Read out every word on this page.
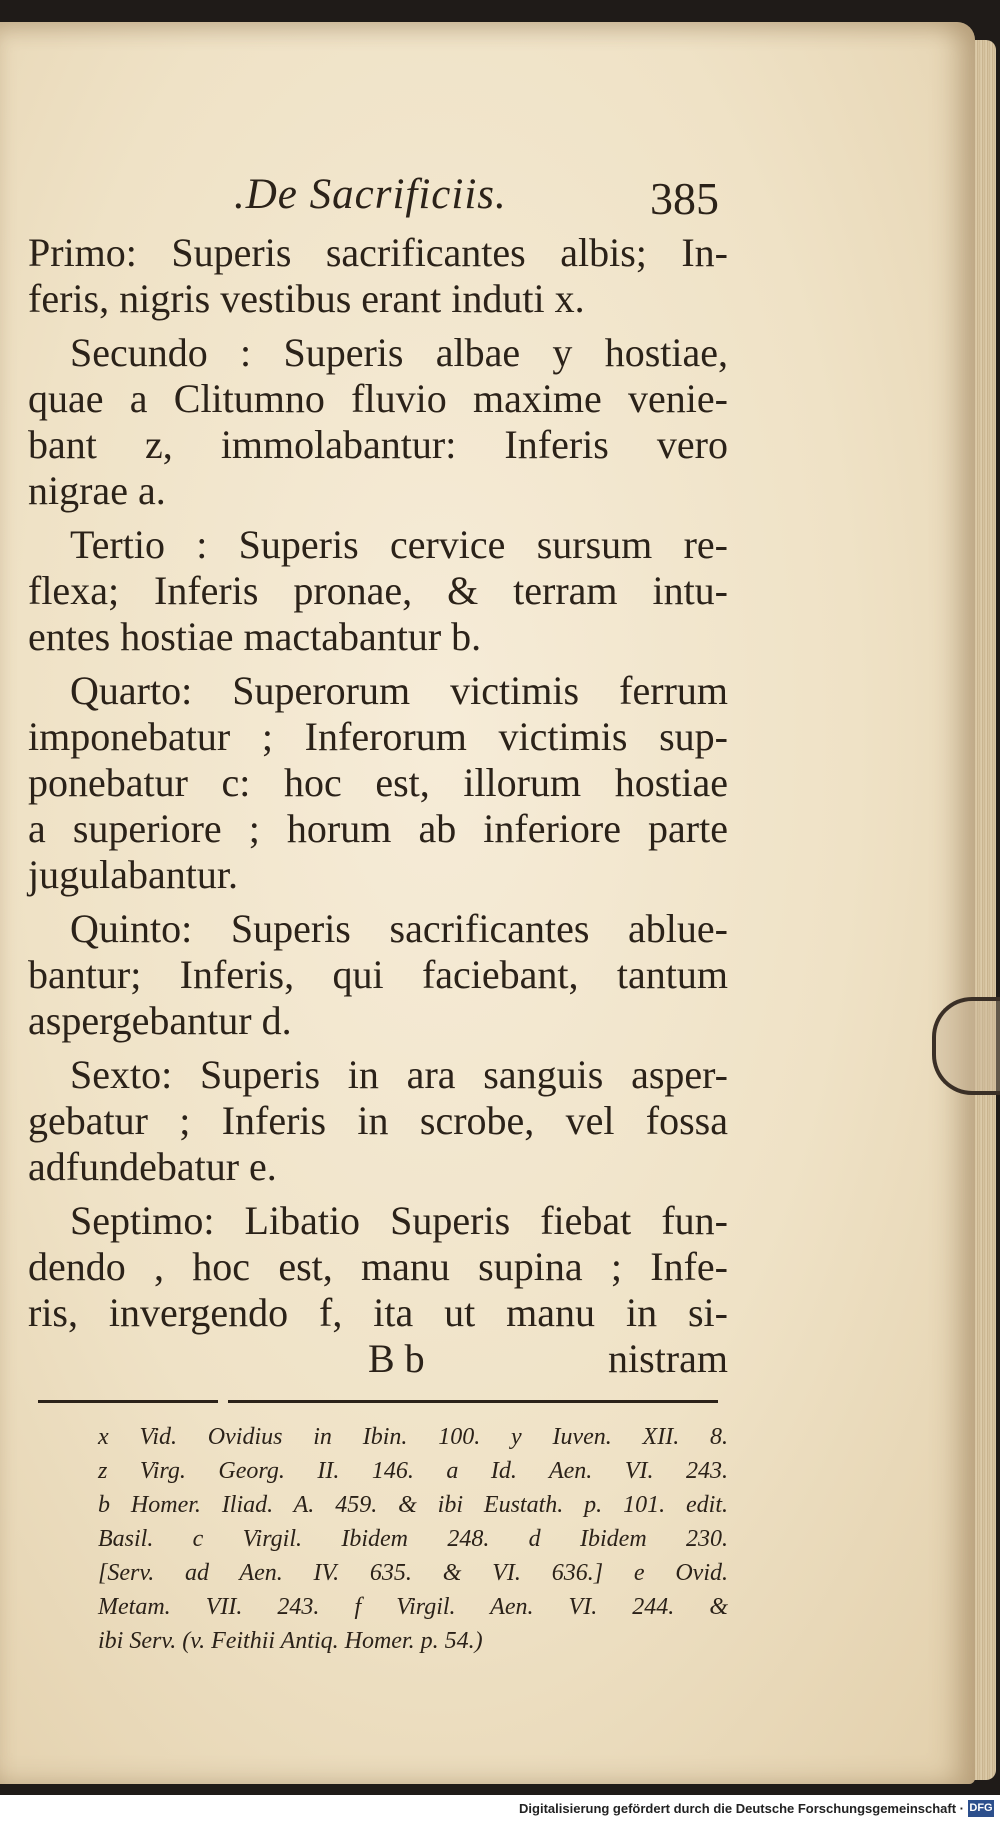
.De Sacrificiis.	385
Primo: Superis sacrificantes albis; In-
feris, nigris vestibus erant induti x.
Secundo : Superis albae y hostiae,
quae a Clitumno fluvio maxime venie-
bant z, immolabantur: Inferis vero
nigrae a.
Tertio : Superis cervice sursum re-
flexa; Inferis pronae, & terram intu-
entes hostiae mactabantur b.
Quarto: Superorum victimis ferrum
imponebatur ; Inferorum victimis sup-
ponebatur c: hoc est, illorum hostiae
a superiore ; horum ab inferiore parte
jugulabantur.
Quinto: Superis sacrificantes ablue-
bantur; Inferis, qui faciebant, tantum
aspergebantur d.
Sexto: Superis in ara sanguis asper-
gebatur ; Inferis in scrobe, vel fossa
adfundebatur e.
Septimo: Libatio Superis fiebat fun-
dendo , hoc est, manu supina ; Infe-
ris, invergendo f, ita ut manu in si-
B b	nistram
x Vid. Ovidius in Ibin. 100. y Iuven. XII. 8.
z Virg. Georg. II. 146. a Id. Aen. VI. 243.
b Homer. Iliad. A. 459. & ibi Eustath. p. 101. edit.
Basil. c Virgil. Ibidem 248. d Ibidem 230.
[Serv. ad Aen. IV. 635. & VI. 636.] e Ovid.
Metam. VII. 243. f Virgil. Aen. VI. 244. &
ibi Serv. (v. Feithii Antiq. Homer. p. 54.)
Digitalisierung gefördert durch die Deutsche Forschungsgemeinschaft · DFG
